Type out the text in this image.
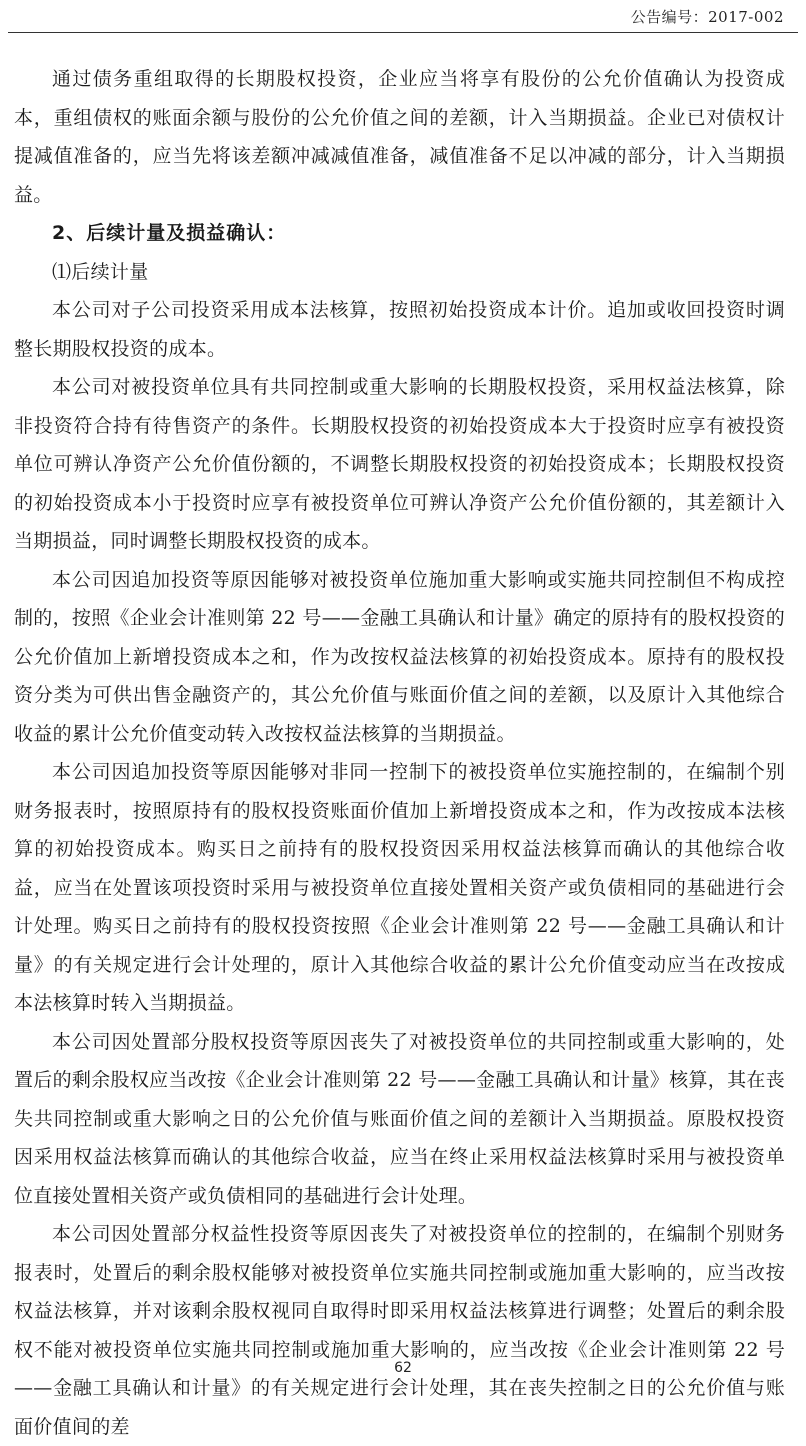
公告编号：2017-002

通过债务重组取得的长期股权投资，企业应当将享有股份的公允价值确认为投资成本，重组债权的账面余额与股份的公允价值之间的差额，计入当期损益。企业已对债权计提减值准备的，应当先将该差额冲减减值准备，减值准备不足以冲减的部分，计入当期损益。

2、后续计量及损益确认：

⑴后续计量

本公司对子公司投资采用成本法核算，按照初始投资成本计价。追加或收回投资时调整长期股权投资的成本。

本公司对被投资单位具有共同控制或重大影响的长期股权投资，采用权益法核算，除非投资符合持有待售资产的条件。长期股权投资的初始投资成本大于投资时应享有被投资单位可辨认净资产公允价值份额的，不调整长期股权投资的初始投资成本；长期股权投资的初始投资成本小于投资时应享有被投资单位可辨认净资产公允价值份额的，其差额计入当期损益，同时调整长期股权投资的成本。

本公司因追加投资等原因能够对被投资单位施加重大影响或实施共同控制但不构成控制的，按照《企业会计准则第 22 号——金融工具确认和计量》确定的原持有的股权投资的公允价值加上新增投资成本之和，作为改按权益法核算的初始投资成本。原持有的股权投资分类为可供出售金融资产的，其公允价值与账面价值之间的差额，以及原计入其他综合收益的累计公允价值变动转入改按权益法核算的当期损益。

本公司因追加投资等原因能够对非同一控制下的被投资单位实施控制的，在编制个别财务报表时，按照原持有的股权投资账面价值加上新增投资成本之和，作为改按成本法核算的初始投资成本。购买日之前持有的股权投资因采用权益法核算而确认的其他综合收益，应当在处置该项投资时采用与被投资单位直接处置相关资产或负债相同的基础进行会计处理。购买日之前持有的股权投资按照《企业会计准则第 22 号——金融工具确认和计量》的有关规定进行会计处理的，原计入其他综合收益的累计公允价值变动应当在改按成本法核算时转入当期损益。

本公司因处置部分股权投资等原因丧失了对被投资单位的共同控制或重大影响的，处置后的剩余股权应当改按《企业会计准则第 22 号——金融工具确认和计量》核算，其在丧失共同控制或重大影响之日的公允价值与账面价值之间的差额计入当期损益。原股权投资因采用权益法核算而确认的其他综合收益，应当在终止采用权益法核算时采用与被投资单位直接处置相关资产或负债相同的基础进行会计处理。

本公司因处置部分权益性投资等原因丧失了对被投资单位的控制的，在编制个别财务报表时，处置后的剩余股权能够对被投资单位实施共同控制或施加重大影响的，应当改按权益法核算，并对该剩余股权视同自取得时即采用权益法核算进行调整；处置后的剩余股权不能对被投资单位实施共同控制或施加重大影响的，应当改按《企业会计准则第 22 号——金融工具确认和计量》的有关规定进行会计处理，其在丧失控制之日的公允价值与账面价值间的差

62
